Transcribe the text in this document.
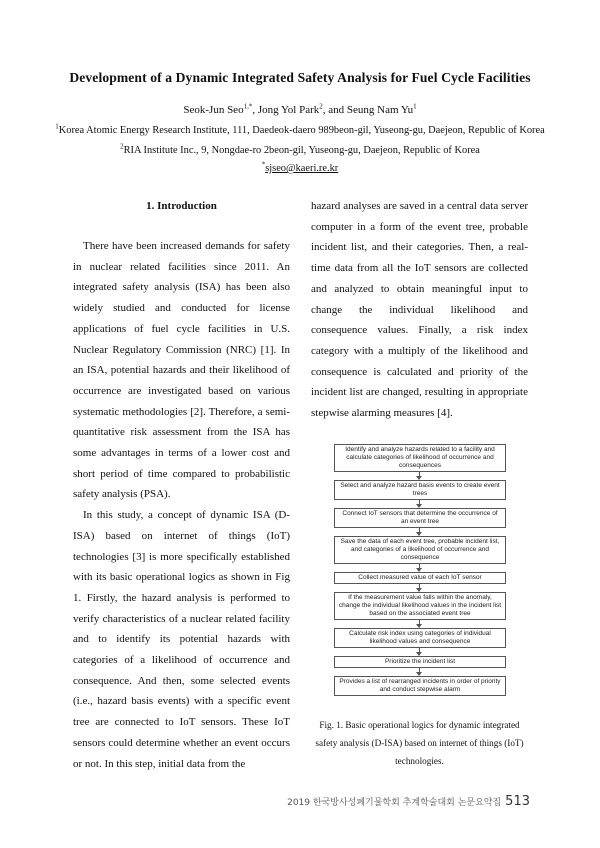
Development of a Dynamic Integrated Safety Analysis for Fuel Cycle Facilities
Seok-Jun Seo$^{1,*}$, Jong Yol Park$^2$, and Seung Nam Yu$^1$
$^1$Korea Atomic Energy Research Institute, 111, Daedeok-daero 989beon-gil, Yuseong-gu, Daejeon, Republic of Korea
$^2$RIA Institute Inc., 9, Nongdae-ro 2beon-gil, Yuseong-gu, Daejeon, Republic of Korea
*sjseo@kaeri.re.kr
1. Introduction

There have been increased demands for safety in nuclear related facilities since 2011. An integrated safety analysis (ISA) has been also widely studied and conducted for license applications of fuel cycle facilities in U.S. Nuclear Regulatory Commission (NRC) [1]. In an ISA, potential hazards and their likelihood of occurrence are investigated based on various systematic methodologies [2]. Therefore, a semi-quantitative risk assessment from the ISA has some advantages in terms of a lower cost and short period of time compared to probabilistic safety analysis (PSA).

In this study, a concept of dynamic ISA (D-ISA) based on internet of things (IoT) technologies [3] is more specifically established with its basic operational logics as shown in Fig 1. Firstly, the hazard analysis is performed to verify characteristics of a nuclear related facility and to identify its potential hazards with categories of a likelihood of occurrence and consequence. And then, some selected events (i.e., hazard basis events) with a specific event tree are connected to IoT sensors. These IoT sensors could determine whether an event occurs or not. In this step, initial data from the

hazard analyses are saved in a central data server computer in a form of the event tree, probable incident list, and their categories. Then, a real-time data from all the IoT sensors are collected and analyzed to obtain meaningful input to change the individual likelihood and consequence values. Finally, a risk index category with a multiply of the likelihood and consequence is calculated and priority of the incident list are changed, resulting in appropriate stepwise alarming measures [4].

Identify and analyze hazards related to a facility and calculate categories of likelihood of occurrence and consequences
Select and analyze hazard basis events to create event trees
Connect IoT sensors that determine the occurrence of an event tree
Save the data of each event tree, probable incident list, and categories of a likelihood of occurrence and consequence
Collect measured value of each IoT sensor
If the measurement value falls within the anomaly, change the individual likelihood values in the incident list based on the associated event tree
Calculate risk index using categories of individual likelihood values and consequence
Prioritize the incident list
Provides a list of rearranged incidents in order of priority and conduct stepwise alarm
Fig. 1. Basic operational logics for dynamic integrated safety analysis (D-ISA) based on internet of things (IoT) technologies.
2019 한국방사성폐기물학회 추계학술대회 논문요약집 513
